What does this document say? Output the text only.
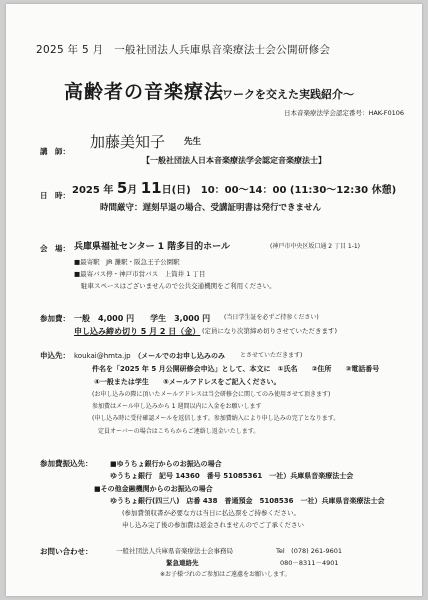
2025 年 5 月　 一般社団法人兵庫県音楽療法士会公開研修会
高齢者の音楽療法
～ワークを交えた実践紹介～
日本音楽療法学会認定番号：HAK-F0106
講　師：
加藤美知子 先生
【一般社団法人日本音楽療法学会認定音楽療法士】
日　時： 2025 年 5月 11日(日)　 10：00～14：00 (11:30～12:30 休憩)
時間厳守：遅刻早退の場合、受講証明書は発行できません
会　場： 兵庫県福祉センター 1 階多目的ホール	(神戸市中央区坂口通 2 丁目 1-1)
■最寄駅　JR 灘駅・阪急王子公園駅
■最寄バス停・神戸市営バス　上筒井 1 丁目
駐車スペースはございませんので公共交通機関をご利用ください。
参加費： 一般　4,000 円　　学生　3,000 円 (当日学生証を必ずご持参ください)
申し込み締め切り 5 月 2 日（金） (定員になり次第締め切りさせていただきます)
申込先： koukai@hmta.jp　 （メールでのお申し込みのみ	とさせていただきます)
件名を「2025 年 5 月公開研修会申込」として、本文に　 ①氏名　　②住所　　③電話番号
④一般または学生　　⑤メールアドレスをご記入ください。
(お申し込みの際に頂いたメールアドレスは当会研修会に関してのみ使用させて頂きます)
参加費はメール申し込みから 1 週間以内に入金をお願いします
(申し込み時に受付確認メールを返信します。参加費納入により申し込みの完了となります。
定員オーバーの場合はこちらからご連絡し返金いたします。
参加費振込先：	■ゆうちょ銀行からのお振込の場合
ゆうちょ銀行　記号 14360　番号 51085361　一社）兵庫県音楽療法士会
■その他金融機関からのお振込の場合
ゆうちょ銀行(四三八)　店番 438　普通預金　5108536　一社）兵庫県音楽療法士会
(参加費領収書が必要な方は当日に払込票をご持参ください。
申し込み完了後の参加費は返金されませんのでご了承ください
お問い合わせ：	一般社団法人兵庫県音楽療法士会事務局	Tel　(078) 261-9601
緊急連絡先	080－8311－4901
※お子様づれのご参加はご遠慮をお願いします。
